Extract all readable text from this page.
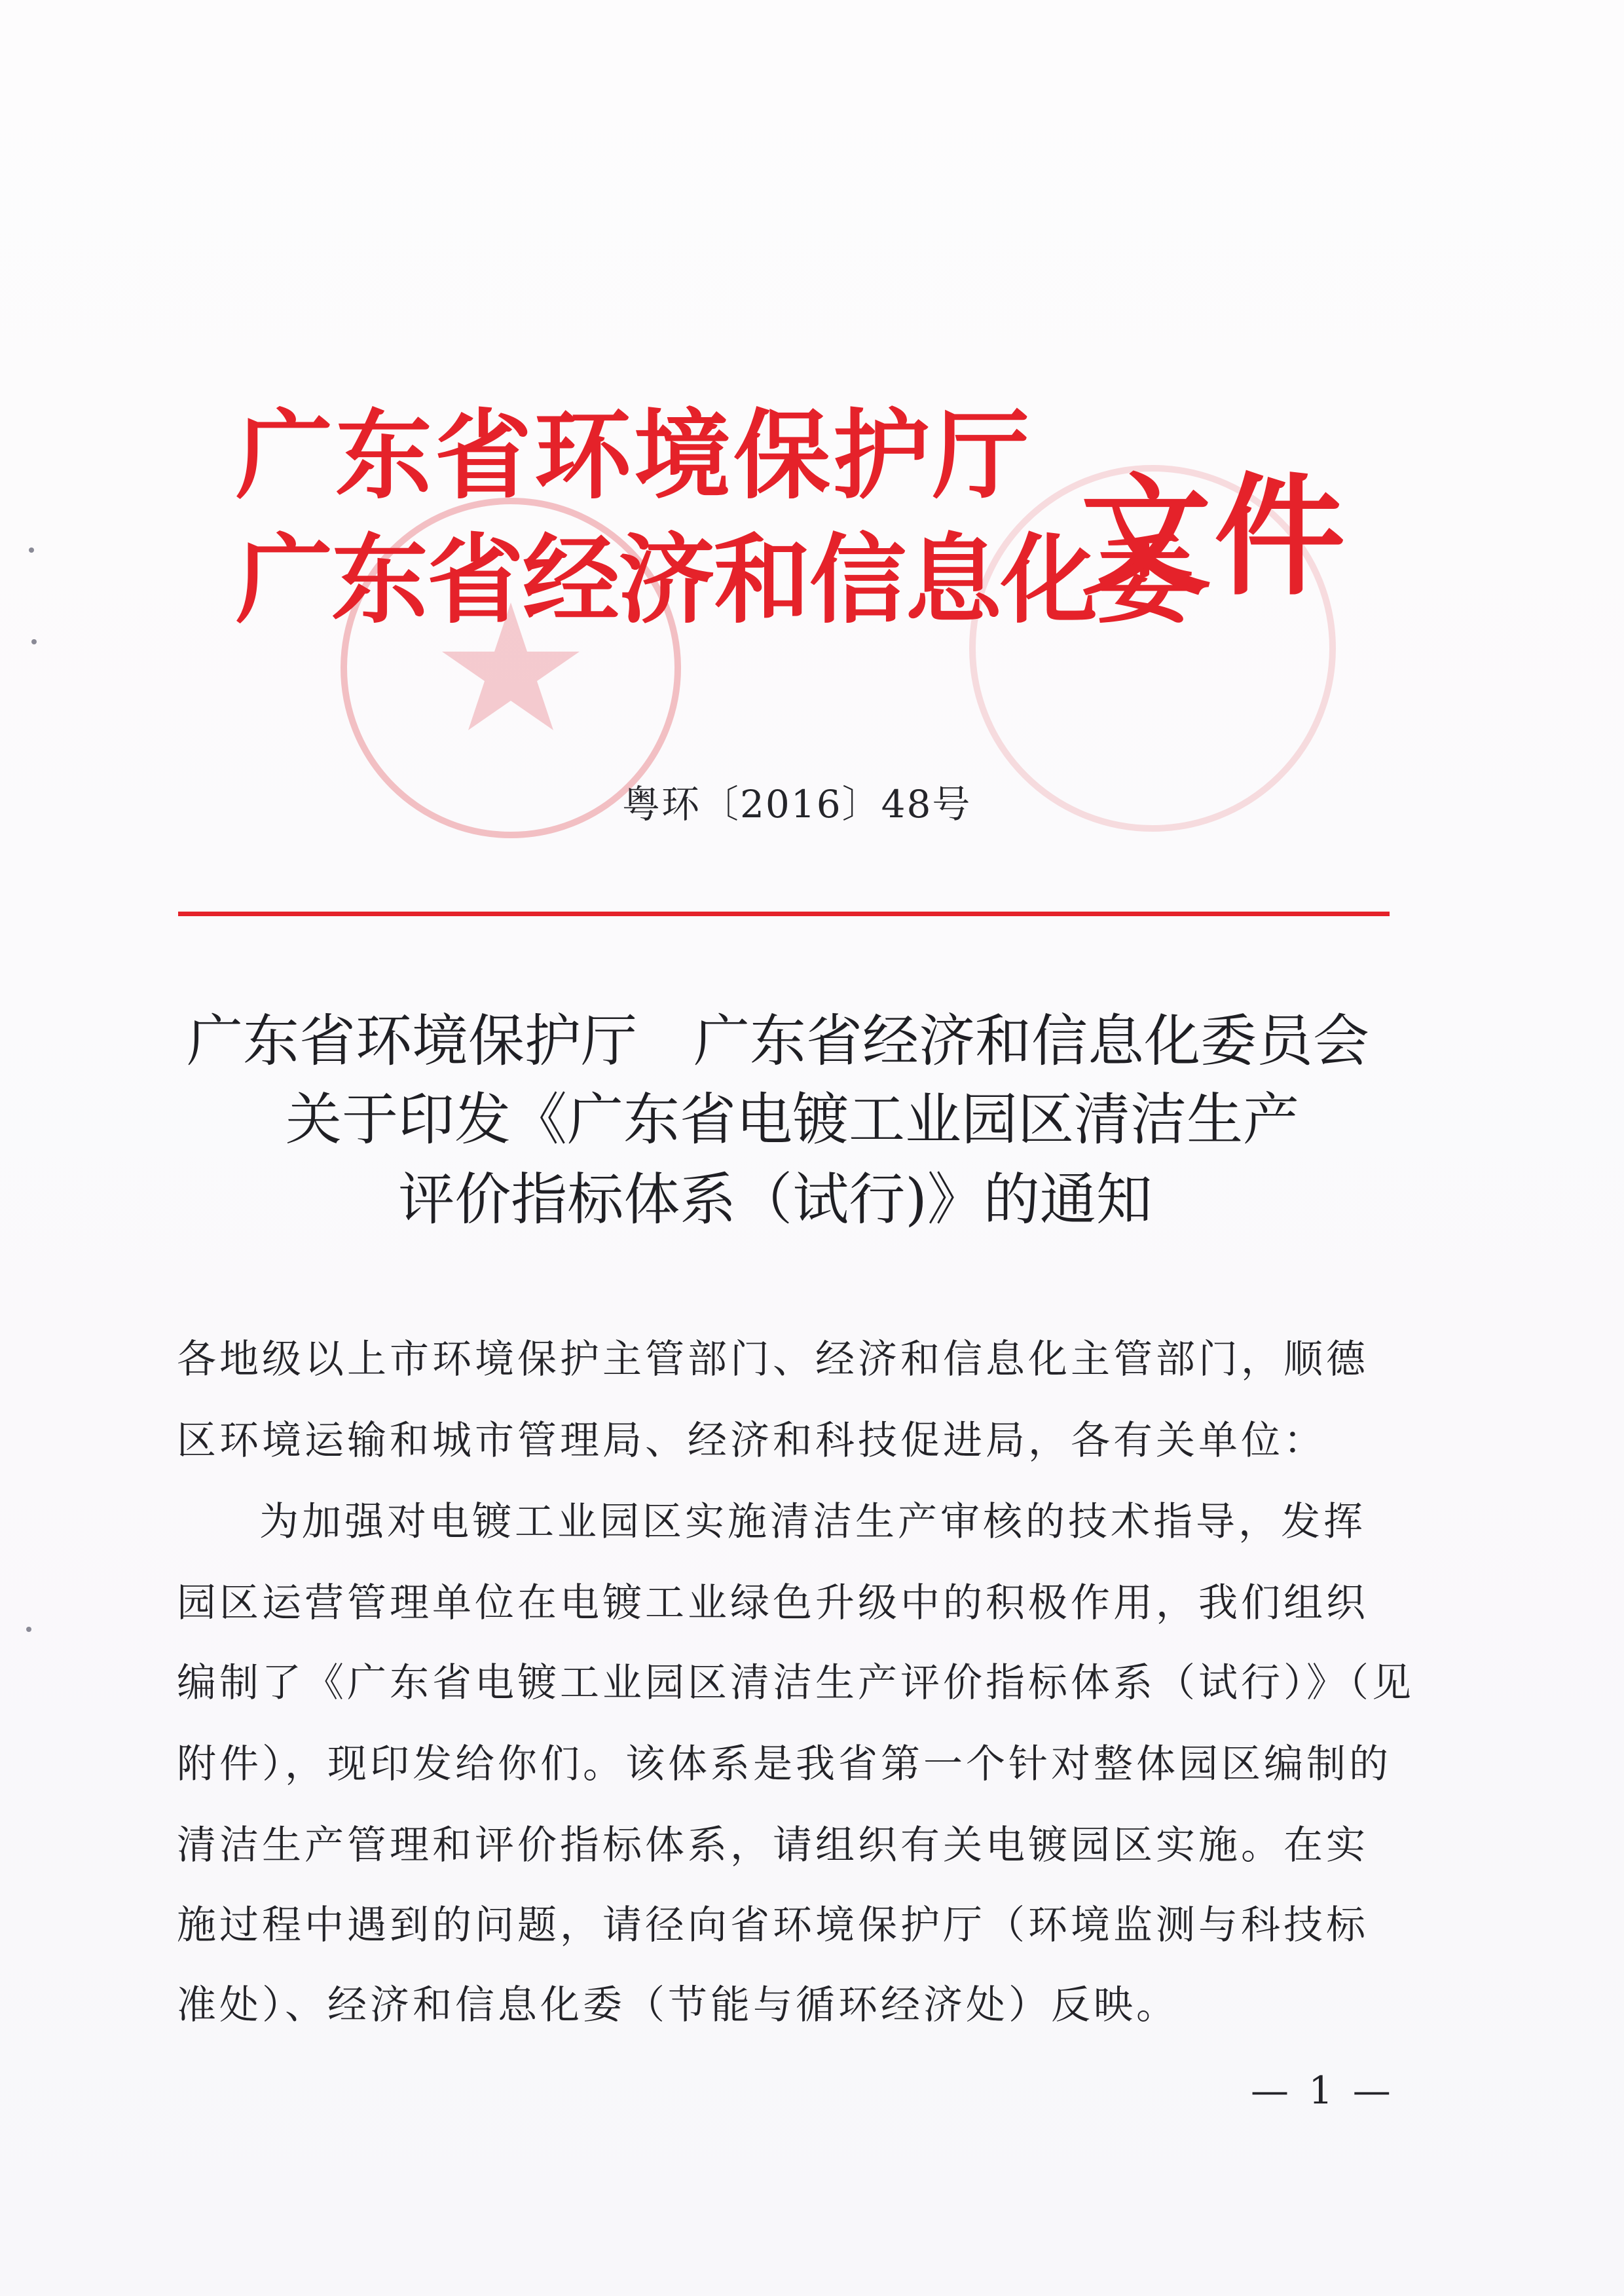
广东省环境保护厅
广东省经济和信息化委
文件
粤环〔2016〕48号
广东省环境保护厅　广东省经济和信息化委员会
关于印发《广东省电镀工业园区清洁生产
评价指标体系（试行)》的通知
各地级以上市环境保护主管部门、经济和信息化主管部门，顺德
区环境运输和城市管理局、经济和科技促进局，各有关单位：
为加强对电镀工业园区实施清洁生产审核的技术指导，发挥
园区运营管理单位在电镀工业绿色升级中的积极作用，我们组织
编制了《广东省电镀工业园区清洁生产评价指标体系（试行）》（见
附件），现印发给你们。该体系是我省第一个针对整体园区编制的
清洁生产管理和评价指标体系，请组织有关电镀园区实施。在实
施过程中遇到的问题，请径向省环境保护厅（环境监测与科技标
准处）、经济和信息化委（节能与循环经济处）反映。
— 1 —
